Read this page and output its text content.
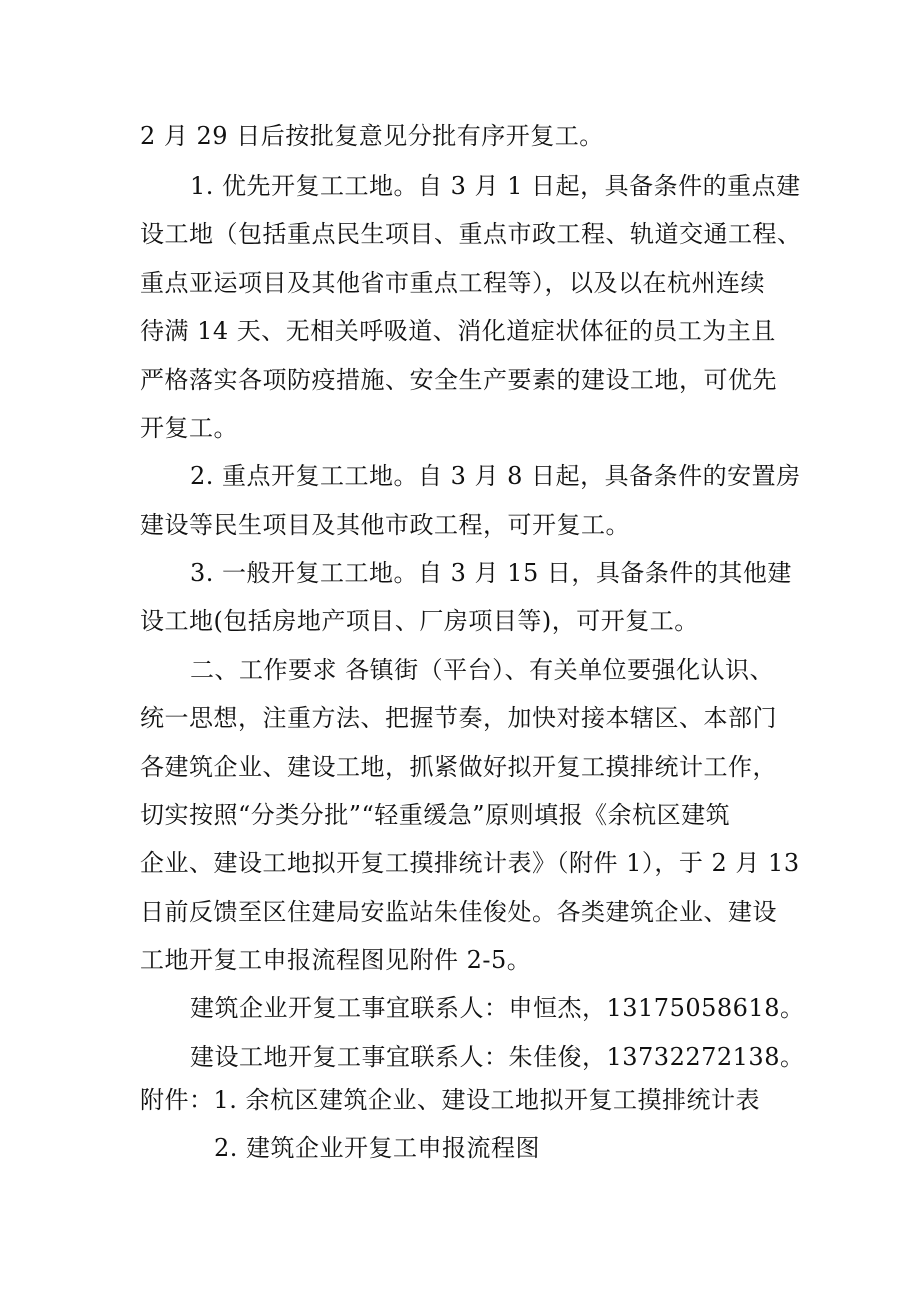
2 月 29 日后按批复意见分批有序开复工。
1. 优先开复工工地。自 3 月 1 日起，具备条件的重点建
设工地（包括重点民生项目、重点市政工程、轨道交通工程、
重点亚运项目及其他省市重点工程等），以及以在杭州连续
待满 14 天、无相关呼吸道、消化道症状体征的员工为主且
严格落实各项防疫措施、安全生产要素的建设工地，可优先
开复工。
2. 重点开复工工地。自 3 月 8 日起，具备条件的安置房
建设等民生项目及其他市政工程，可开复工。
3. 一般开复工工地。自 3 月 15 日，具备条件的其他建
设工地(包括房地产项目、厂房项目等)，可开复工。
二、工作要求 各镇街（平台）、有关单位要强化认识、
统一思想，注重方法、把握节奏，加快对接本辖区、本部门
各建筑企业、建设工地，抓紧做好拟开复工摸排统计工作，
切实按照“分类分批”“轻重缓急”原则填报《余杭区建筑
企业、建设工地拟开复工摸排统计表》（附件 1），于 2 月 13
日前反馈至区住建局安监站朱佳俊处。各类建筑企业、建设
工地开复工申报流程图见附件 2-5。
建筑企业开复工事宜联系人：申恒杰，13175058618。
建设工地开复工事宜联系人：朱佳俊，13732272138。
附件：1. 余杭区建筑企业、建设工地拟开复工摸排统计表
2. 建筑企业开复工申报流程图
